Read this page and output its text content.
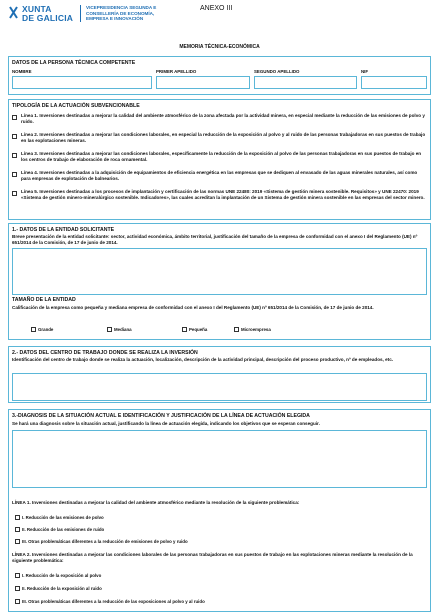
XUNTA
DE GALICIA
VICEPRESIDENCIA SEGUNDA E
CONSELLERÍA DE ECONOMÍA,
EMPRESA E INNOVACIÓN
ANEXO III
MEMORIA TÉCNICA-ECONÓMICA
DATOS DE LA PERSONA TÉCNICA COMPETENTE
NOMBRE	PRIMER APELLIDO	SEGUNDO APELLIDO	NIF
TIPOLOGÍA DE LA ACTUACIÓN SUBVENCIONABLE
Línea 1. Inversiones destinadas a mejorar la calidad del ambiente atmosférico de la zona afectada por la actividad minera, en especial mediante la reducción de las emisiones de polvo y ruido.
Línea 2. Inversiones destinadas a mejorar las condiciones laborales, en especial la reducción de la exposición al polvo y al ruido de las personas trabajadoras en sus puestos de trabajo en las explotaciones mineras.
Línea 3. Inversiones destinadas a mejorar las condiciones laborales, específicamente la reducción de la exposición al polvo de las personas trabajadoras en sus puestos de trabajo en los centros de trabajo de elaboración de roca ornamental.
Línea 4. Inversiones destinadas a la adquisición de equipamientos de eficiencia energética en las empresas que se dediquen al envasado de las aguas minerales naturales, así como para empresas de explotación de balnearios.
Línea 5. Inversiones destinadas a los procesos de implantación y certificación de las normas UNE 22480: 2019 «Sistema de gestión minera sostenible. Requisitos» y UNE 22470: 2019 «Sistema de gestión minero-mineralúrgico sostenible. Indicadores», las cuales acreditan la implantación de un Sistema de gestión minera sostenible en las empresas del sector minero.
1.- DATOS DE LA ENTIDAD SOLICITANTE
Breve presentación de la entidad solicitante: sector, actividad económica, ámbito territorial, justificación del tamaño de la empresa de conformidad con el anexo I del Reglamento (UE) nº 651/2014 de la Comisión, de 17 de junio de 2014.
TAMAÑO DE LA ENTIDAD
Calificación de la empresa como pequeña y mediana empresa de conformidad con el anexo I del Reglamento (UE) nº 651/2014 de la Comisión, de 17 de junio de 2014.
Grande	Mediana	Pequeña	Microempresa
2.- DATOS DEL CENTRO DE TRABAJO DONDE SE REALIZA LA INVERSIÓN
Identificación del centro de trabajo donde se realiza la actuación, localización, descripción de la actividad principal, descripción del proceso productivo, nº de empleados, etc.
3.-DIAGNOSIS DE LA SITUACIÓN ACTUAL E IDENTIFICACIÓN Y JUSTIFICACIÓN DE LA LÍNEA DE ACTUACIÓN ELEGIDA
Se hará una diagnosis sobre la situación actual, justificando la línea de actuación elegida, indicando los objetivos que se esperan conseguir.
LÍNEA 1. Inversiones destinadas a mejorar la calidad del ambiente atmosférico mediante la resolución de la siguiente problemática:
I. Reducción de las emisiones de polvo
II. Reducción de las emisiones de ruido
III. Otras problemáticas diferentes a la reducción de emisiones de polvo y ruido
LÍNEA 2. Inversiones destinadas a mejorar las condiciones laborales de las personas trabajadoras en sus puestos de trabajo en las explotaciones mineras mediante la resolución de la siguiente problemática:
I. Reducción de la exposición al polvo
II. Reducción de la exposición al ruido
III. Otras problemáticas diferentes a la reducción de las exposiciones al polvo y al ruido
